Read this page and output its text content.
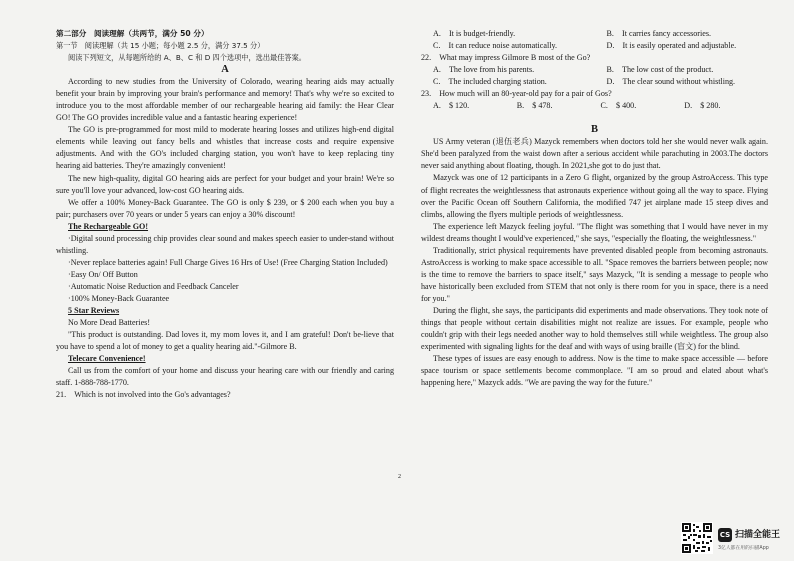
第二部分　阅读理解（共两节，满分 50 分）

第一节　阅读理解（共 15 小题；每小题 2.5 分，满分 37.5 分）

阅读下列短文，从每题所给的 A、B、C 和 D 四个选项中，选出最佳答案。

A

According to new studies from the University of Colorado, wearing hearing aids may actually benefit your brain by improving your brain's performance and memory! That's why we're so excited to introduce you to the most affordable member of our rechargeable hearing aid family: the Hear Clear GO! The GO provides incredible value and a fantastic hearing experience!

The GO is pre-programmed for most mild to moderate hearing losses and utilizes high-end digital elements while leaving out fancy bells and whistles that increase costs and require expensive adjustments. And with the GO's included charging station, you won't have to keep replacing tiny hearing aid batteries. They're amazingly convenient!

The new high-quality, digital GO hearing aids are perfect for your budget and your brain! We're so sure you'll love your advanced, low-cost GO hearing aids.

We offer a 100% Money-Back Guarantee. The GO is only $ 239, or $ 200 each when you buy a pair; purchasers over 70 years or under 5 years can enjoy a 30% discount!

The Rechargeable GO!

·Digital sound processing chip provides clear sound and makes speech easier to under-stand without whistling.

·Never replace batteries again! Full Charge Gives 16 Hrs of Use! (Free Charging Station Included)

·Easy On/ Off Button

·Automatic Noise Reduction and Feedback Canceler

·100% Money-Back Guarantee

5 Star Reviews

No More Dead Batteries!

"This product is outstanding. Dad loves it, my mom loves it, and I am grateful! Don't be-lieve that you have to spend a lot of money to get a quality hearing aid."-Gilmore B.

Telecare Convenience!

Call us from the comfort of your home and discuss your hearing care with our friendly and caring staff. 1-888-788-1770.

21.　Which is not involved into the Go's advantages?

A.　It is budget-friendly.	B.　It carries fancy accessories.
C.　It can reduce noise automatically.	D.　It is easily operated and adjustable.

22.　What may impress Gilmore B most of the Go?

A.　The love from his parents.	B.　The low cost of the product.
C.　The included charging station.	D.　The clear sound without whistling.

23.　How much will an 80-year-old pay for a pair of Gos?

A.　$ 120.	B.　$ 478.	C.　$ 400.	D.　$ 280.

B

US Army veteran (退伍老兵) Mazyck remembers when doctors told her she would never walk again. She'd been paralyzed from the waist down after a serious accident while parachuting in 2003.The doctors never said anything about floating, though. In 2021,she got to do just that.

Mazyck was one of 12 participants in a Zero G flight, organized by the group AstroAccess. This type of flight recreates the weightlessness that astronauts experience without going all the way to space. Flying over the Pacific Ocean off Southern California, the modified 747 jet airplane made 15 steep dives and climbs, allowing the flyers multiple periods of weightlessness.

The experience left Mazyck feeling joyful. "The flight was something that I would have never in my wildest dreams thought I would've experienced," she says, "especially the floating, the weightlessness."

Traditionally, strict physical requirements have prevented disabled people from becoming astronauts. AstroAccess is working to make space accessible to all. "Space removes the barriers between people; now is the time to remove the barriers to space itself," says Mazyck, "It is sending a message to people who have historically been excluded from STEM that not only is there room for you in space, there is a need for you."

During the flight, she says, the participants did experiments and made observations. They took note of things that people without certain disabilities might not realize are issues. For example, people who couldn't grip with their legs needed another way to hold themselves still while weightless. The group also experimented with signaling lights for the deaf and with ways of using braille (盲文) for the blind.

These types of issues are easy enough to address. Now is the time to make space accessible — before space tourism or space settlements become commonplace. "I am so proud and elated about what's happening here," Mazyck adds. "We are paving the way for the future."

2
CS 扫描全能王
3亿人都在用的扫描App
